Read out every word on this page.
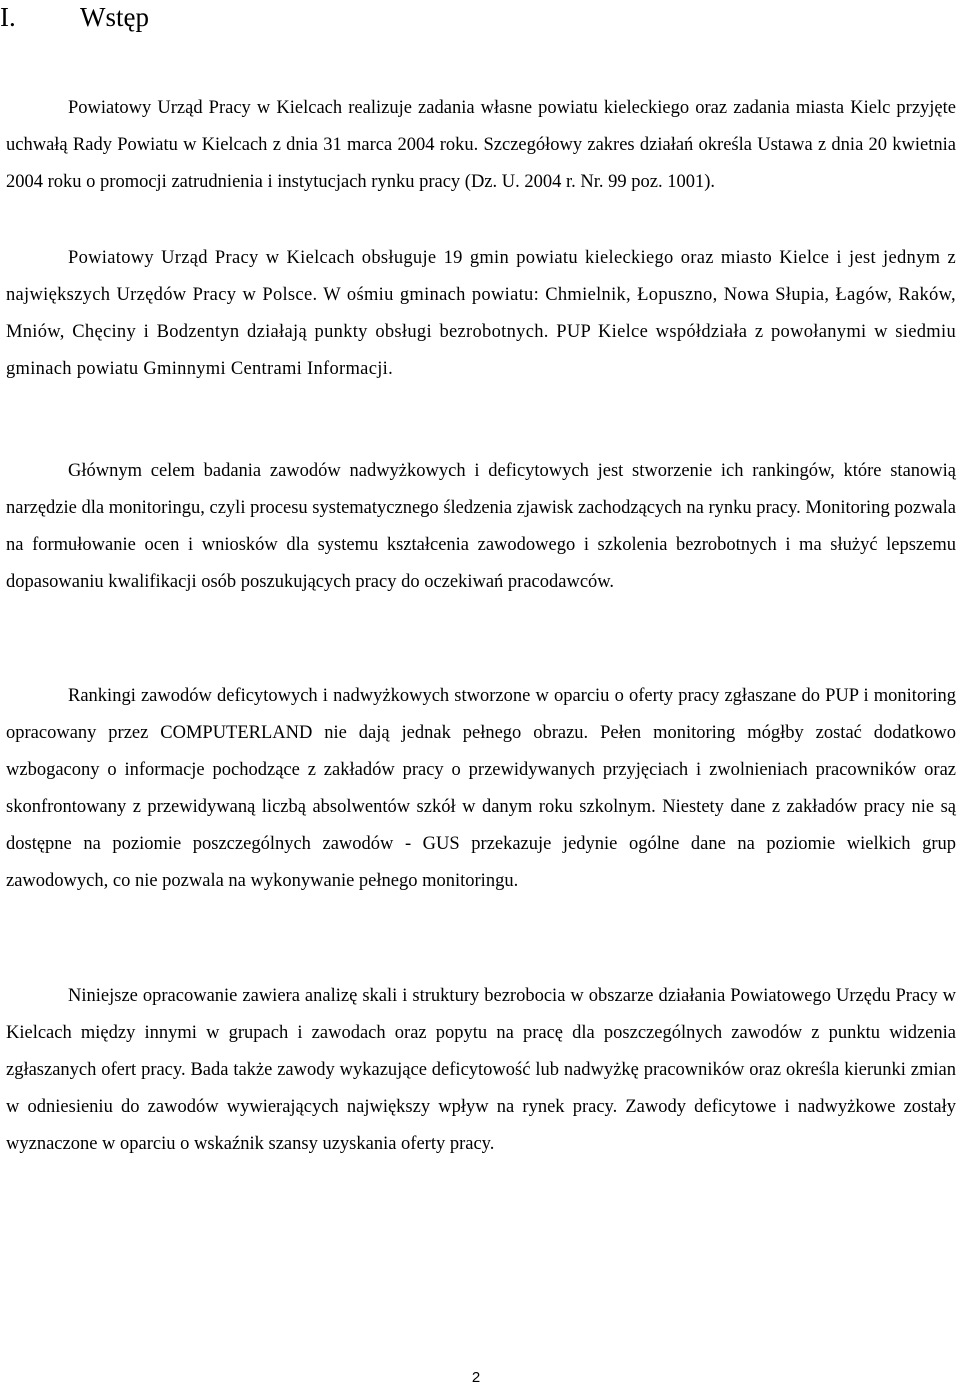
I. Wstęp

Powiatowy Urząd Pracy w Kielcach realizuje zadania własne powiatu kieleckiego oraz zadania miasta Kielc przyjęte uchwałą Rady Powiatu w Kielcach z dnia 31 marca 2004 roku. Szczegółowy zakres działań określa Ustawa z dnia 20 kwietnia 2004 roku o promocji zatrudnienia i instytucjach rynku pracy (Dz. U. 2004 r. Nr. 99 poz. 1001).

Powiatowy Urząd Pracy w Kielcach obsługuje 19 gmin powiatu kieleckiego oraz miasto Kielce i jest jednym z największych Urzędów Pracy w Polsce. W ośmiu gminach powiatu: Chmielnik, Łopuszno, Nowa Słupia, Łagów, Raków, Mniów, Chęciny i Bodzentyn działają punkty obsługi bezrobotnych. PUP Kielce współdziała z powołanymi w siedmiu gminach powiatu Gminnymi Centrami Informacji.

Głównym celem badania zawodów nadwyżkowych i deficytowych jest stworzenie ich rankingów, które stanowią narzędzie dla monitoringu, czyli procesu systematycznego śledzenia zjawisk zachodzących na rynku pracy. Monitoring pozwala na formułowanie ocen i wniosków dla systemu kształcenia zawodowego i szkolenia bezrobotnych i ma służyć lepszemu dopasowaniu kwalifikacji osób poszukujących pracy do oczekiwań pracodawców.

Rankingi zawodów deficytowych i nadwyżkowych stworzone w oparciu o oferty pracy zgłaszane do PUP i monitoring opracowany przez COMPUTERLAND nie dają jednak pełnego obrazu. Pełen monitoring mógłby zostać dodatkowo wzbogacony o informacje pochodzące z zakładów pracy o przewidywanych przyjęciach i zwolnieniach pracowników oraz skonfrontowany z przewidywaną liczbą absolwentów szkół w danym roku szkolnym. Niestety dane z zakładów pracy nie są dostępne na poziomie poszczególnych zawodów - GUS przekazuje jedynie ogólne dane na poziomie wielkich grup zawodowych, co nie pozwala na wykonywanie pełnego monitoringu.

Niniejsze opracowanie zawiera analizę skali i struktury bezrobocia w obszarze działania Powiatowego Urzędu Pracy w Kielcach między innymi w grupach i zawodach oraz popytu na pracę dla poszczególnych zawodów z punktu widzenia zgłaszanych ofert pracy. Bada także zawody wykazujące deficytowość lub nadwyżkę pracowników oraz określa kierunki zmian w odniesieniu do zawodów wywierających największy wpływ na rynek pracy. Zawody deficytowe i nadwyżkowe zostały wyznaczone w oparciu o wskaźnik szansy uzyskania oferty pracy.

2
